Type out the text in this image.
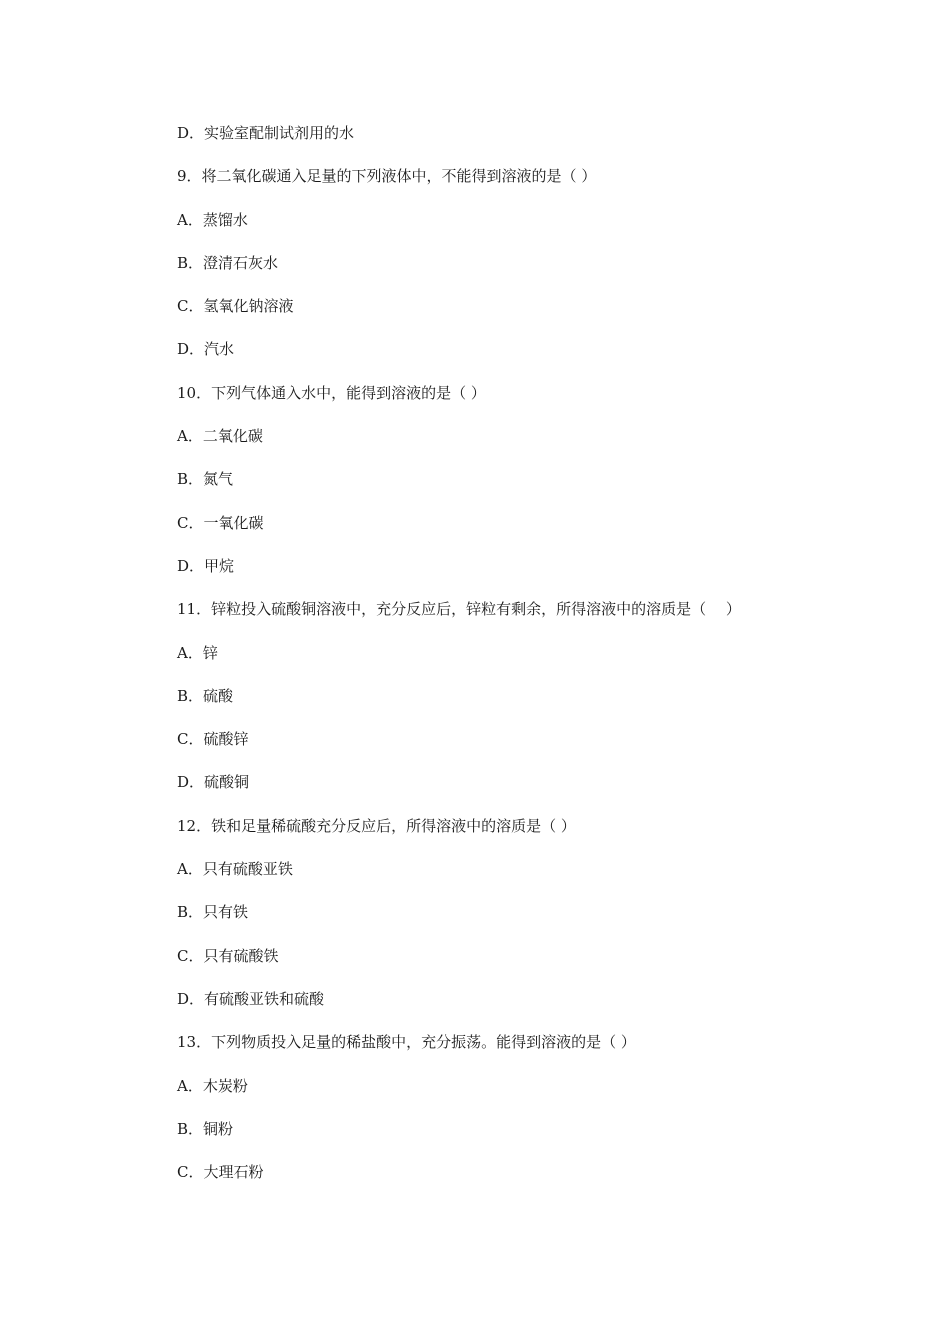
D．实验室配制试剂用的水
9．将二氧化碳通入足量的下列液体中，不能得到溶液的是（ ）
A．蒸馏水
B．澄清石灰水
C．氢氧化钠溶液
D．汽水
10．下列气体通入水中，能得到溶液的是（ ）
A．二氧化碳
B．氮气
C．一氧化碳
D．甲烷
11．锌粒投入硫酸铜溶液中，充分反应后，锌粒有剩余，所得溶液中的溶质是（　 ）
A．锌
B．硫酸
C．硫酸锌
D．硫酸铜
12．铁和足量稀硫酸充分反应后，所得溶液中的溶质是（ ）
A．只有硫酸亚铁
B．只有铁
C．只有硫酸铁
D．有硫酸亚铁和硫酸
13．下列物质投入足量的稀盐酸中，充分振荡。能得到溶液的是（ ）
A．木炭粉
B．铜粉
C．大理石粉
